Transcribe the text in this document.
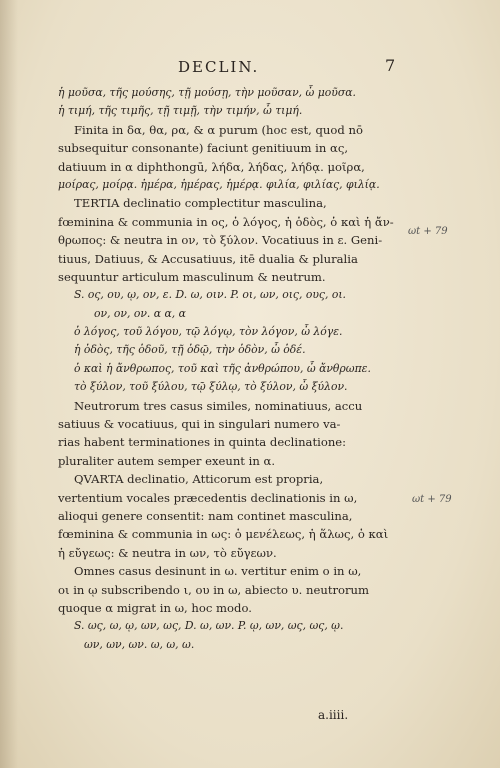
DECLIN.	7
ἡ μοῦσα, τῆς μούσης, τῇ μούσῃ, τὴν μοῦσαν, ὦ μοῦσα.
ἡ τιμή, τῆς τιμῆς, τῇ τιμῇ, τὴν τιμήν, ὦ τιμή.
Finita in δα, θα, ρα, & α purum (hoc est, quod nō
subsequitur consonante) faciunt genitiuum in ας,
datiuum in α diphthongū, λήδα, λήδας, λήδᾳ. μοῖρα,
μοίρας, μοίρᾳ. ἡμέρα, ἡμέρας, ἡμέρᾳ. φιλία, φιλίας, φιλίᾳ.
TERTIA declinatio complectitur masculina,
fœminina & communia in ος, ὁ λόγος, ἡ ὁδὸς, ὁ καὶ ἡ ἄν-
θρωπος: & neutra in ον, τὸ ξύλον. Vocatiuus in ε. Geni-
tiuus, Datiuus, & Accusatiuus, itē dualia & pluralia
sequuntur articulum masculinum & neutrum.
S. ος, ου, ῳ, ον, ε. D. ω, οιν. P. οι, ων, οις, ους, οι.
ον, ον, ον. α α, α
ὁ λόγος, τοῦ λόγου, τῷ λόγῳ, τὸν λόγον, ὦ λόγε.
ἡ ὁδὸς, τῆς ὁδοῦ, τῇ ὁδῷ, τὴν ὁδὸν, ὦ ὁδέ.
ὁ καὶ ἡ ἄνθρωπος, τοῦ καὶ τῆς ἀνθρώπου, ὦ ἄνθρωπε.
τὸ ξύλον, τοῦ ξύλου, τῷ ξύλῳ, τὸ ξύλον, ὦ ξύλον.
Neutrorum tres casus similes, nominatiuus, accu
satiuus & vocatiuus, qui in singulari numero va-
rias habent terminationes in quinta declinatione:
pluraliter autem semper exeunt in α.
QVARTA declinatio, Atticorum est propria,
vertentium vocales præcedentis declinationis in ω,
alioqui genere consentit: nam continet masculina,
fœminina & communia in ως: ὁ μενέλεως, ἡ ἅλως, ὁ καὶ
ἡ εὔγεως: & neutra in ων, τὸ εὔγεων.
Omnes casus desinunt in ω. vertitur enim ο in ω,
οι in ῳ subscribendo ι, ου in ω, abiecto υ. neutrorum
quoque α migrat in ω, hoc modo.
S. ως, ω, ῳ, ων, ως, D. ω, ων. P. ῳ, ων, ως, ως, ῳ.
ων, ων, ων. ω, ω, ω.
ωt + 79
ωt + 79
a.iiii.
